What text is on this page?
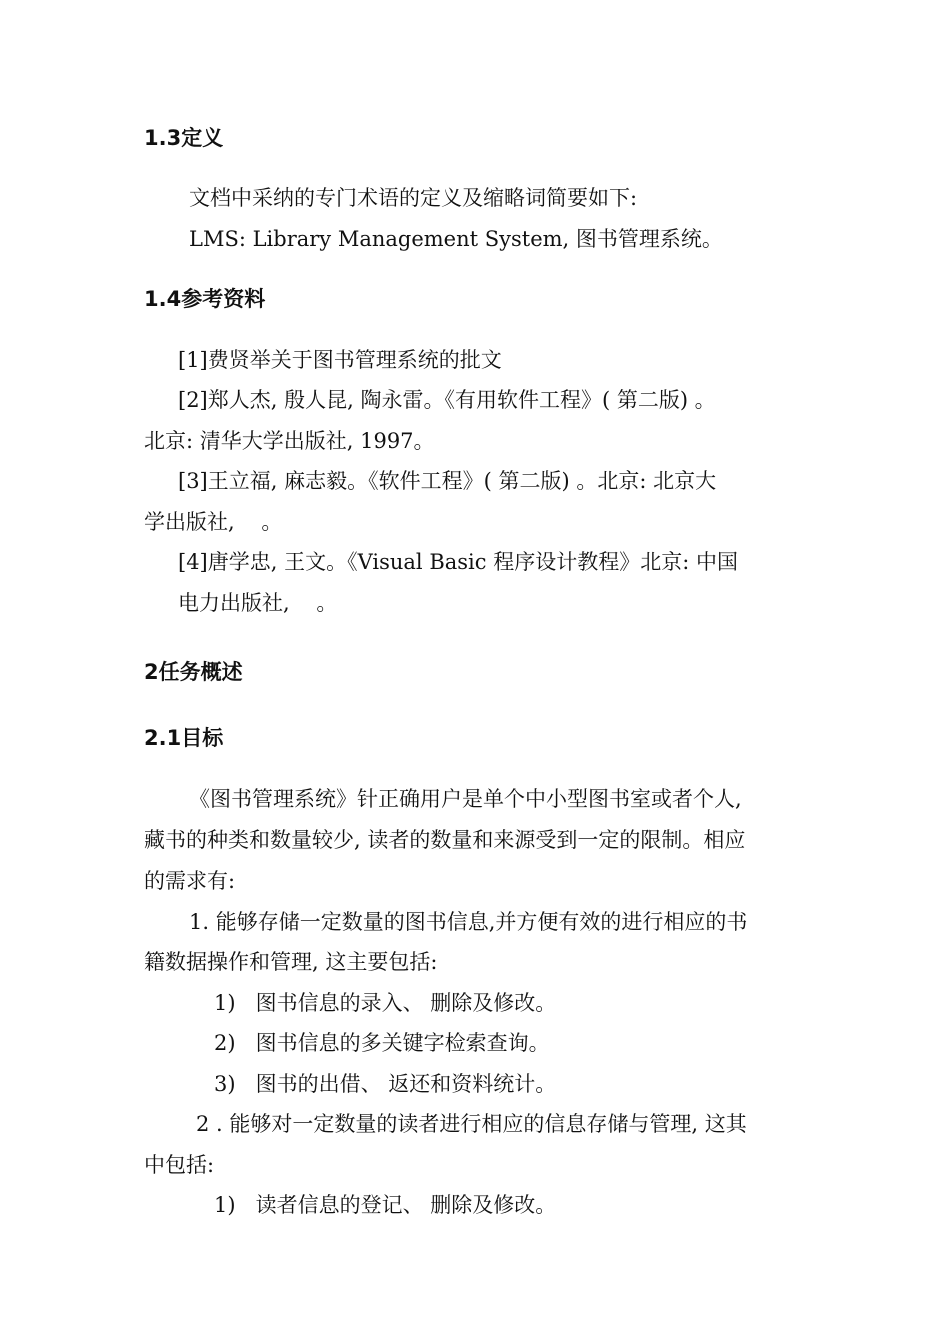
1.3定义
文档中采纳的专门术语的定义及缩略词简要如下:
LMS: Library Management System, 图书管理系统。
1.4参考资料
[1]费贤举关于图书管理系统的批文
[2]郑人杰, 殷人昆, 陶永雷。《有用软件工程》( 第二版) 。
北京: 清华大学出版社, 1997。
[3]王立福, 麻志毅。《软件工程》( 第二版) 。北京: 北京大
学出版社,    。
[4]唐学忠, 王文。《Visual Basic 程序设计教程》北京: 中国
电力出版社,    。
2任务概述
2.1目标
《图书管理系统》针正确用户是单个中小型图书室或者个人,
藏书的种类和数量较少, 读者的数量和来源受到一定的限制。相应
的需求有:
1. 能够存储一定数量的图书信息,并方便有效的进行相应的书
籍数据操作和管理, 这主要包括:
1)   图书信息的录入、 删除及修改。
2)   图书信息的多关键字检索查询。
3)   图书的出借、 返还和资料统计。
2 . 能够对一定数量的读者进行相应的信息存储与管理, 这其
中包括:
1)   读者信息的登记、 删除及修改。
